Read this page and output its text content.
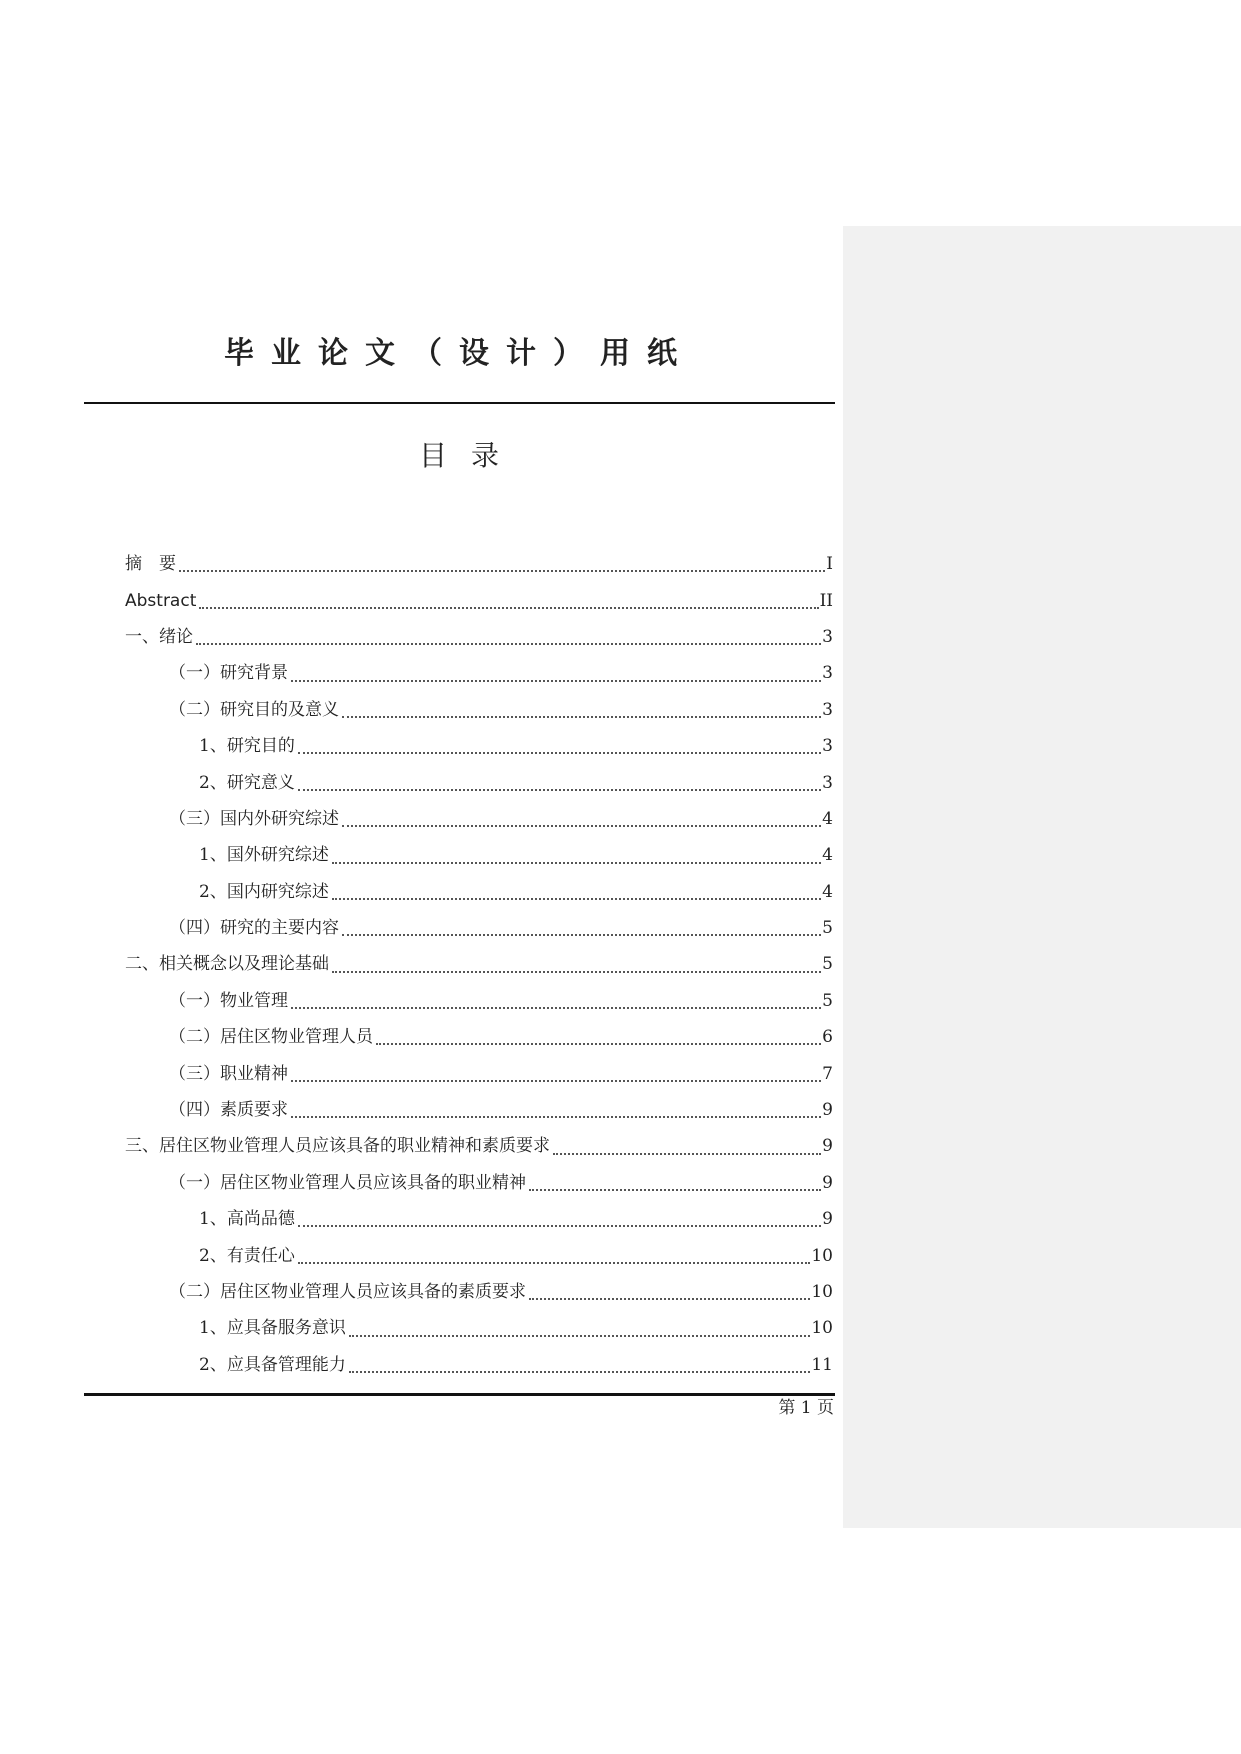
毕业论文（设计）用纸
目录
摘　要	I
Abstract	II
一、绪论	3
（一）研究背景	3
（二）研究目的及意义	3
1、研究目的	3
2、研究意义	3
（三）国内外研究综述	4
1、国外研究综述	4
2、国内研究综述	4
（四）研究的主要内容	5
二、相关概念以及理论基础	5
（一）物业管理	5
（二）居住区物业管理人员	6
（三）职业精神	7
（四）素质要求	9
三、居住区物业管理人员应该具备的职业精神和素质要求	9
（一）居住区物业管理人员应该具备的职业精神	9
1、高尚品德	9
2、有责任心	10
（二）居住区物业管理人员应该具备的素质要求	10
1、应具备服务意识	10
2、应具备管理能力	11
第 1 页
